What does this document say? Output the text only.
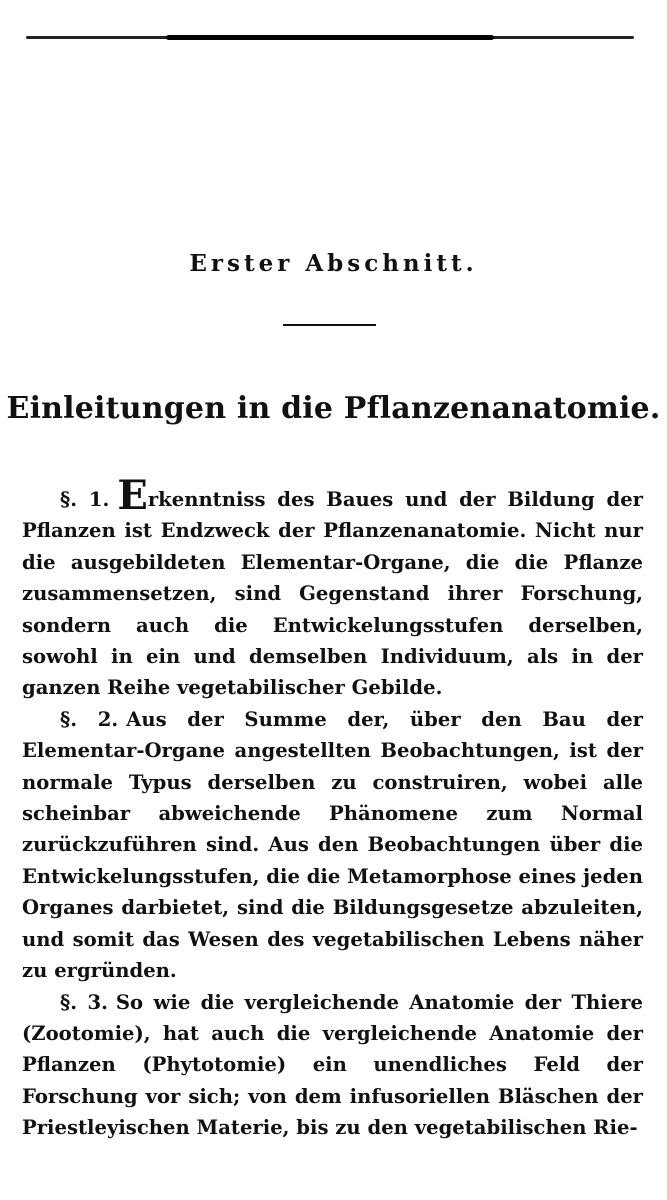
Erster Abschnitt.
Einleitungen in die Pflanzenanatomie.

§. 1. Erkenntniss des Baues und der Bildung der Pflanzen ist Endzweck der Pflanzenanatomie. Nicht nur die ausgebildeten Elementar-Organe, die die Pflanze zusammensetzen, sind Gegenstand ihrer Forschung, sondern auch die Entwickelungsstufen derselben, sowohl in ein und demselben Individuum, als in der ganzen Reihe vegetabilischer Gebilde.

§. 2. Aus der Summe der, über den Bau der Elementar-Organe angestellten Beobachtungen, ist der normale Typus derselben zu construiren, wobei alle scheinbar abweichende Phänomene zum Normal zurückzuführen sind. Aus den Beobachtungen über die Entwickelungsstufen, die die Metamorphose eines jeden Organes darbietet, sind die Bildungsgesetze abzuleiten, und somit das Wesen des vegetabilischen Lebens näher zu ergründen.

§. 3. So wie die vergleichende Anatomie der Thiere (Zootomie), hat auch die vergleichende Anatomie der Pflanzen (Phytotomie) ein unendliches Feld der Forschung vor sich; von dem infusoriellen Bläschen der Priestleyischen Materie, bis zu den vegetabilischen Rie-
